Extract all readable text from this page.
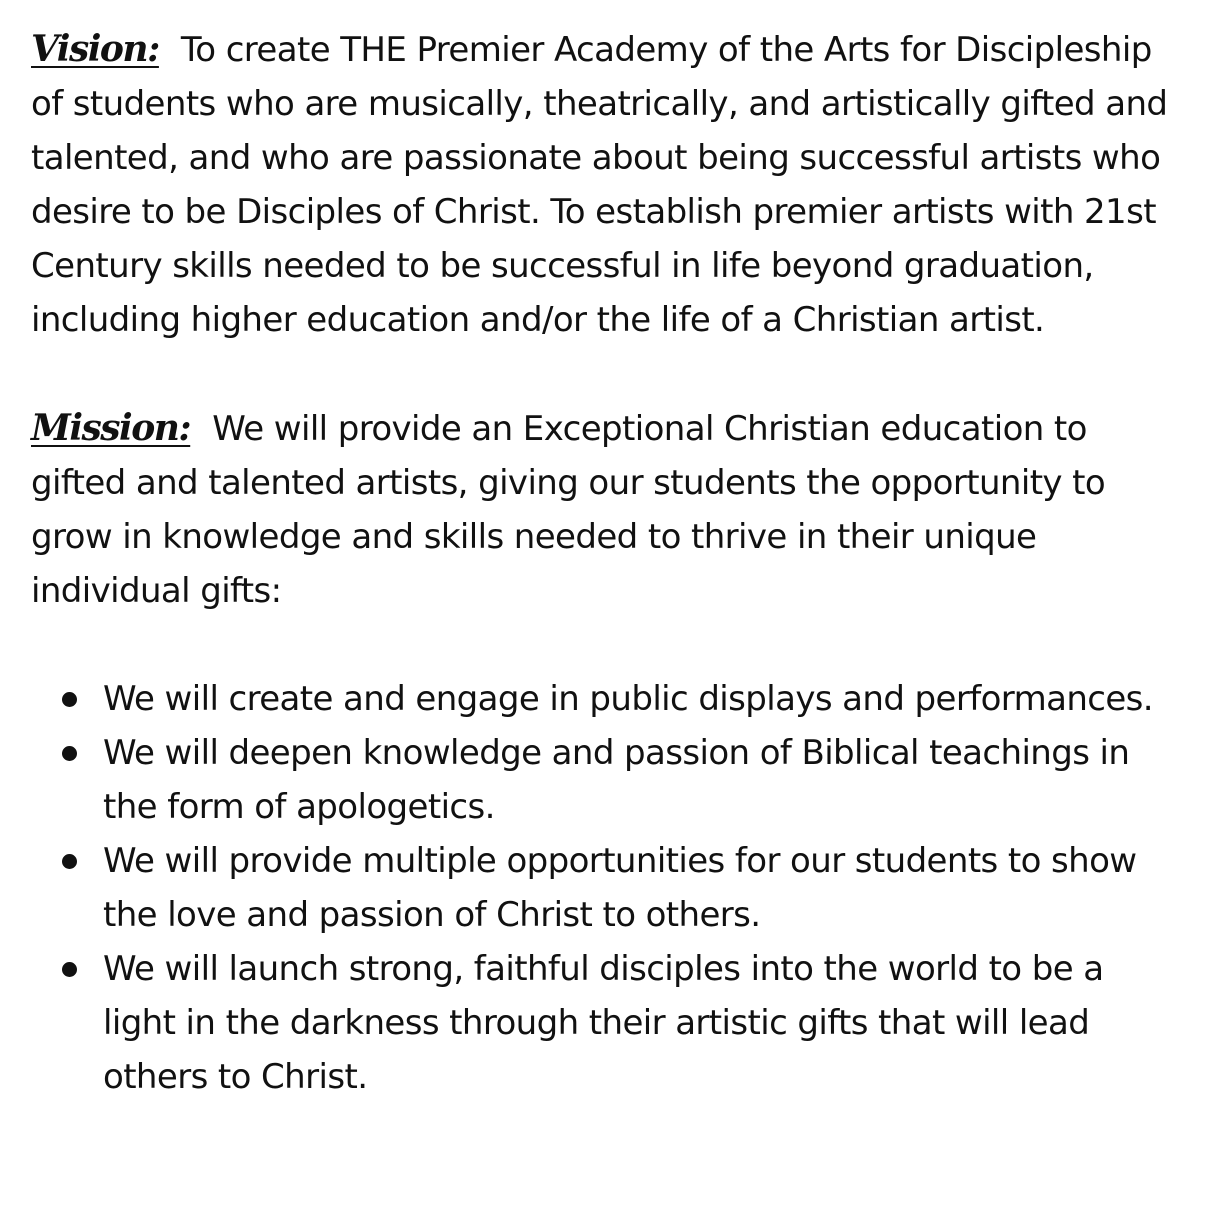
Vision: To create THE Premier Academy of the Arts for Discipleship of students who are musically, theatrically, and artistically gifted and talented, and who are passionate about being successful artists who desire to be Disciples of Christ. To establish premier artists with 21st Century skills needed to be successful in life beyond graduation, including higher education and/or the life of a Christian artist.

Mission: We will provide an Exceptional Christian education to gifted and talented artists, giving our students the opportunity to grow in knowledge and skills needed to thrive in their unique individual gifts:

We will create and engage in public displays and performances.
We will deepen knowledge and passion of Biblical teachings in the form of apologetics.
We will provide multiple opportunities for our students to show the love and passion of Christ to others.
We will launch strong, faithful disciples into the world to be a light in the darkness through their artistic gifts that will lead others to Christ.
